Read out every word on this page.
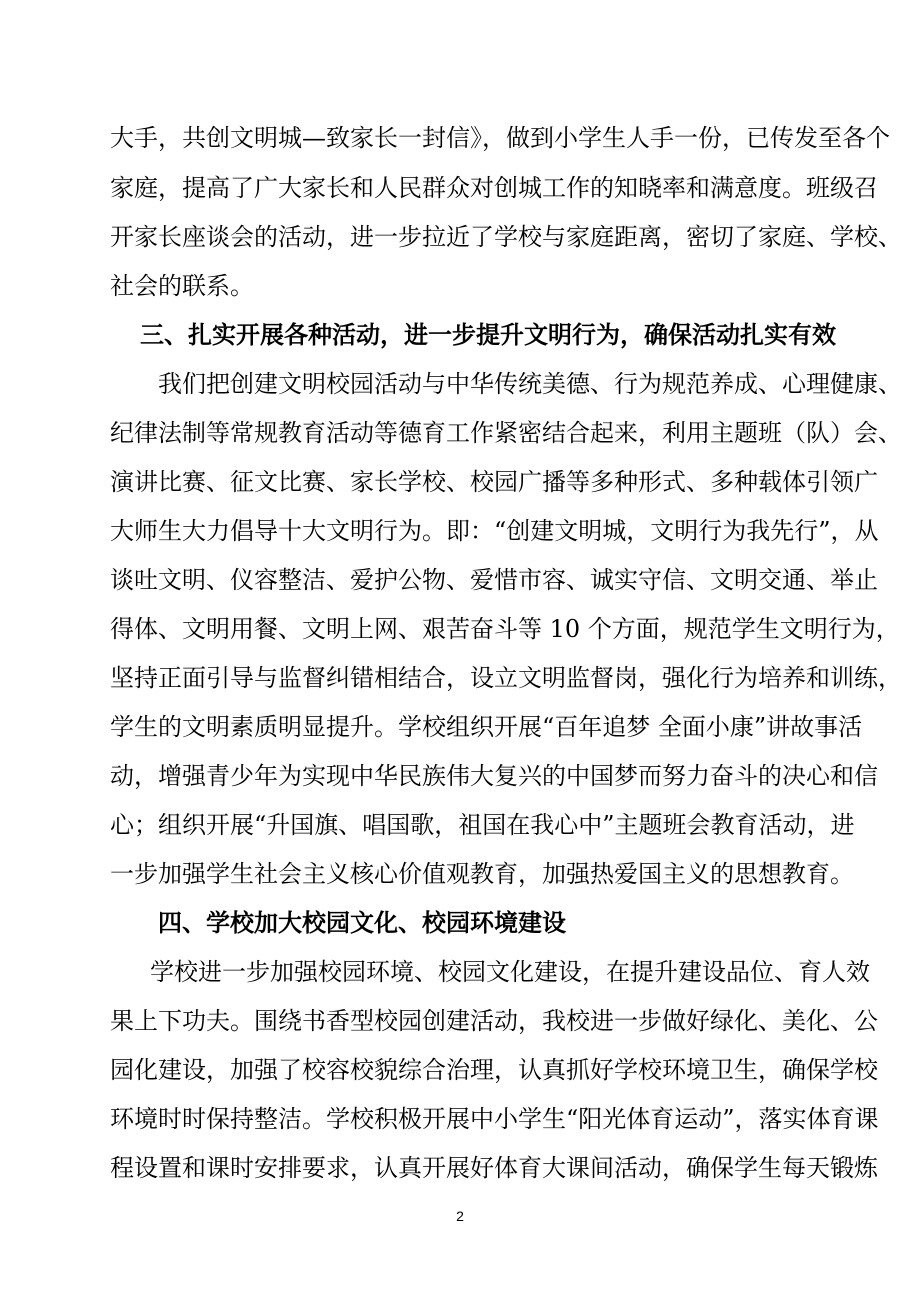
大手，共创文明城—致家长一封信》，做到小学生人手一份，已传发至各个
家庭，提高了广大家长和人民群众对创城工作的知晓率和满意度。班级召
开家长座谈会的活动，进一步拉近了学校与家庭距离，密切了家庭、学校、
社会的联系。
三、扎实开展各种活动，进一步提升文明行为，确保活动扎实有效
我们把创建文明校园活动与中华传统美德、行为规范养成、心理健康、
纪律法制等常规教育活动等德育工作紧密结合起来，利用主题班（队）会、
演讲比赛、征文比赛、家长学校、校园广播等多种形式、多种载体引领广
大师生大力倡导十大文明行为。即：“创建文明城，文明行为我先行”，从
谈吐文明、仪容整洁、爱护公物、爱惜市容、诚实守信、文明交通、举止
得体、文明用餐、文明上网、艰苦奋斗等 10 个方面，规范学生文明行为，
坚持正面引导与监督纠错相结合，设立文明监督岗，强化行为培养和训练，
学生的文明素质明显提升。学校组织开展“百年追梦 全面小康”讲故事活
动，增强青少年为实现中华民族伟大复兴的中国梦而努力奋斗的决心和信
心；组织开展“升国旗、唱国歌，祖国在我心中”主题班会教育活动，进
一步加强学生社会主义核心价值观教育，加强热爱国主义的思想教育。
四、学校加大校园文化、校园环境建设
学校进一步加强校园环境、校园文化建设，在提升建设品位、育人效
果上下功夫。围绕书香型校园创建活动，我校进一步做好绿化、美化、公
园化建设，加强了校容校貌综合治理，认真抓好学校环境卫生，确保学校
环境时时保持整洁。学校积极开展中小学生“阳光体育运动”，落实体育课
程设置和课时安排要求，认真开展好体育大课间活动，确保学生每天锻炼
2
